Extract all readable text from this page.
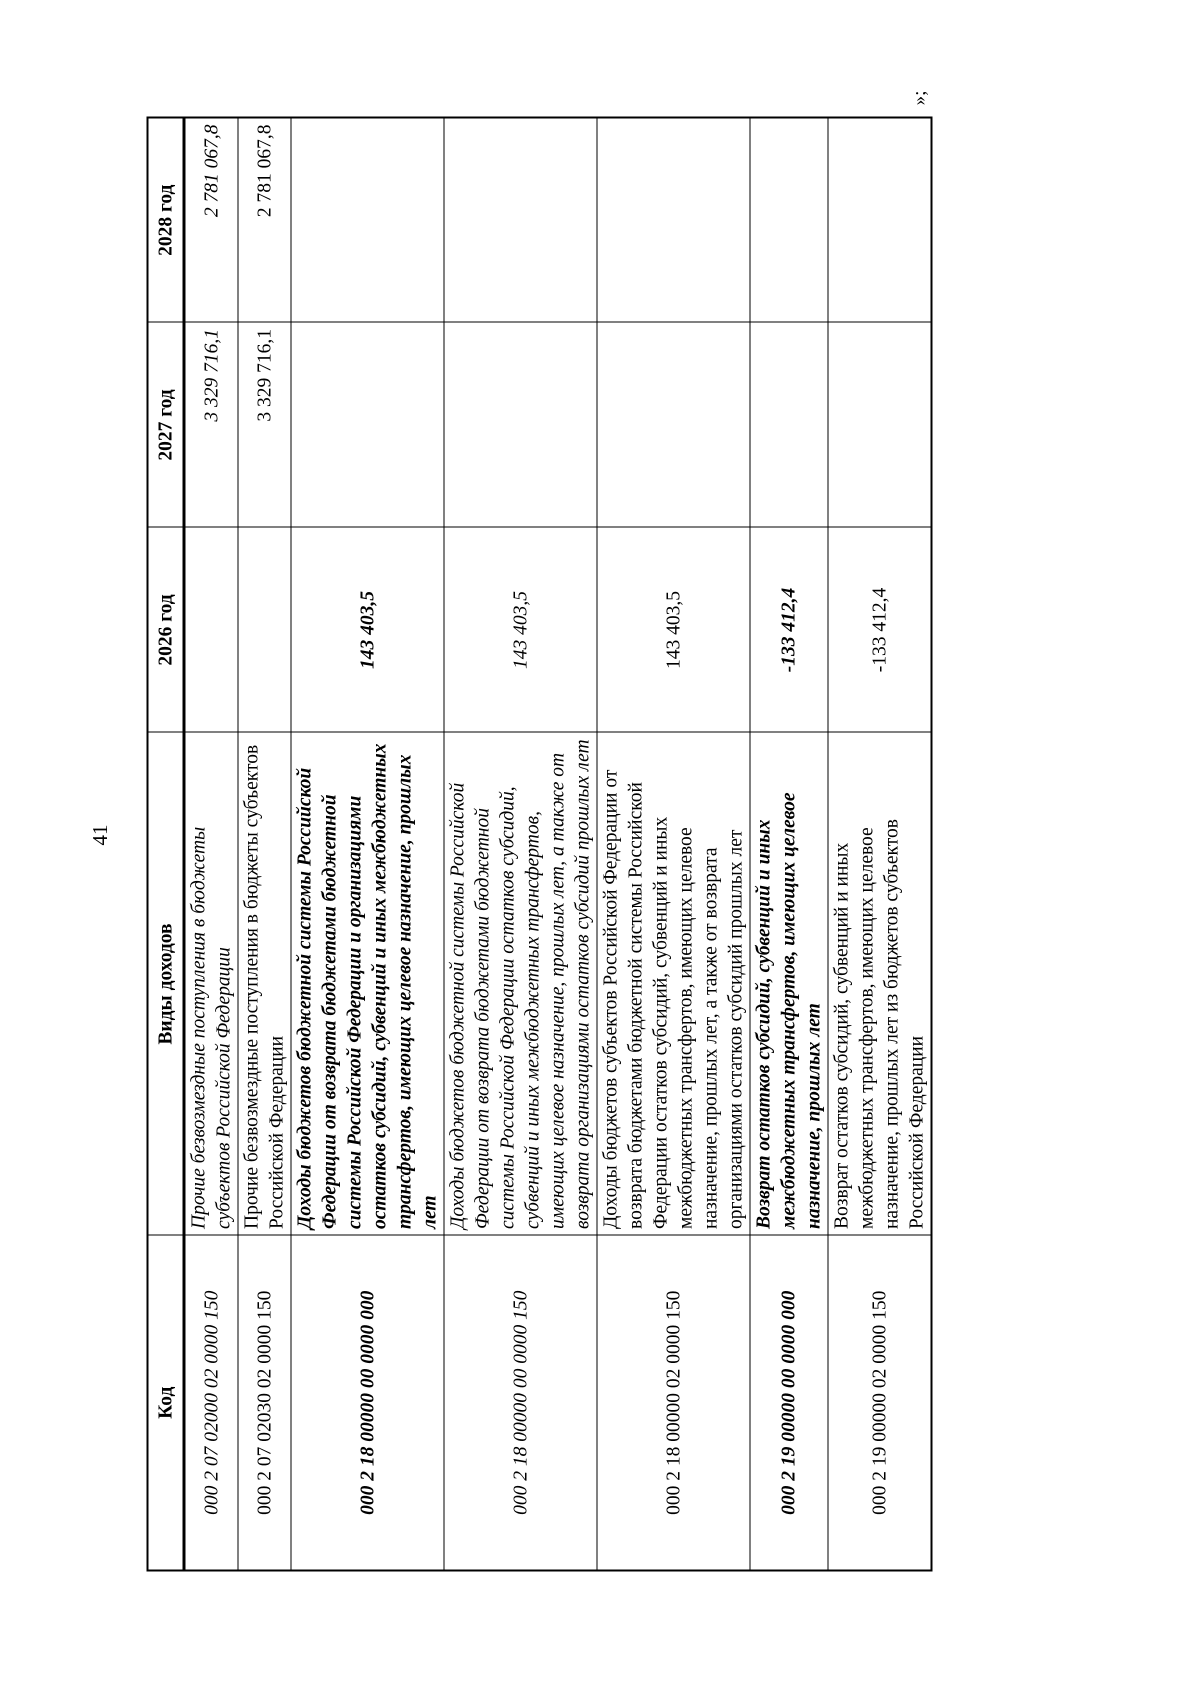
41
»;
Код	Виды доходов	2026 год	2027 год	2028 год
000 2 07 02000 02 0000 150	Прочие безвозмездные поступления в бюджеты субъектов Российской Федерации		3 329 716,1	2 781 067,8
000 2 07 02030 02 0000 150	Прочие безвозмездные поступления в бюджеты субъектов Российской Федерации		3 329 716,1	2 781 067,8
000 2 18 00000 00 0000 000	Доходы бюджетов бюджетной системы Российской Федерации от возврата бюджетами бюджетной системы Российской Федерации и организациями остатков субсидий, субвенций и иных межбюджетных трансфертов, имеющих целевое назначение, прошлых лет	143 403,5		
000 2 18 00000 00 0000 150	Доходы бюджетов бюджетной системы Российской Федерации от возврата бюджетами бюджетной системы Российской Федерации остатков субсидий, субвенций и иных межбюджетных трансфертов, имеющих целевое назначение, прошлых лет, а также от возврата организациями остатков субсидий прошлых лет	143 403,5		
000 2 18 00000 02 0000 150	Доходы бюджетов субъектов Российской Федерации от возврата бюджетами бюджетной системы Российской Федерации остатков субсидий, субвенций и иных межбюджетных трансфертов, имеющих целевое назначение, прошлых лет, а также от возврата организациями остатков субсидий прошлых лет	143 403,5		
000 2 19 00000 00 0000 000	Возврат остатков субсидий, субвенций и иных межбюджетных трансфертов, имеющих целевое назначение, прошлых лет	-133 412,4		
000 2 19 00000 02 0000 150	Возврат остатков субсидий, субвенций и иных межбюджетных трансфертов, имеющих целевое назначение, прошлых лет из бюджетов субъектов Российской Федерации	-133 412,4		
